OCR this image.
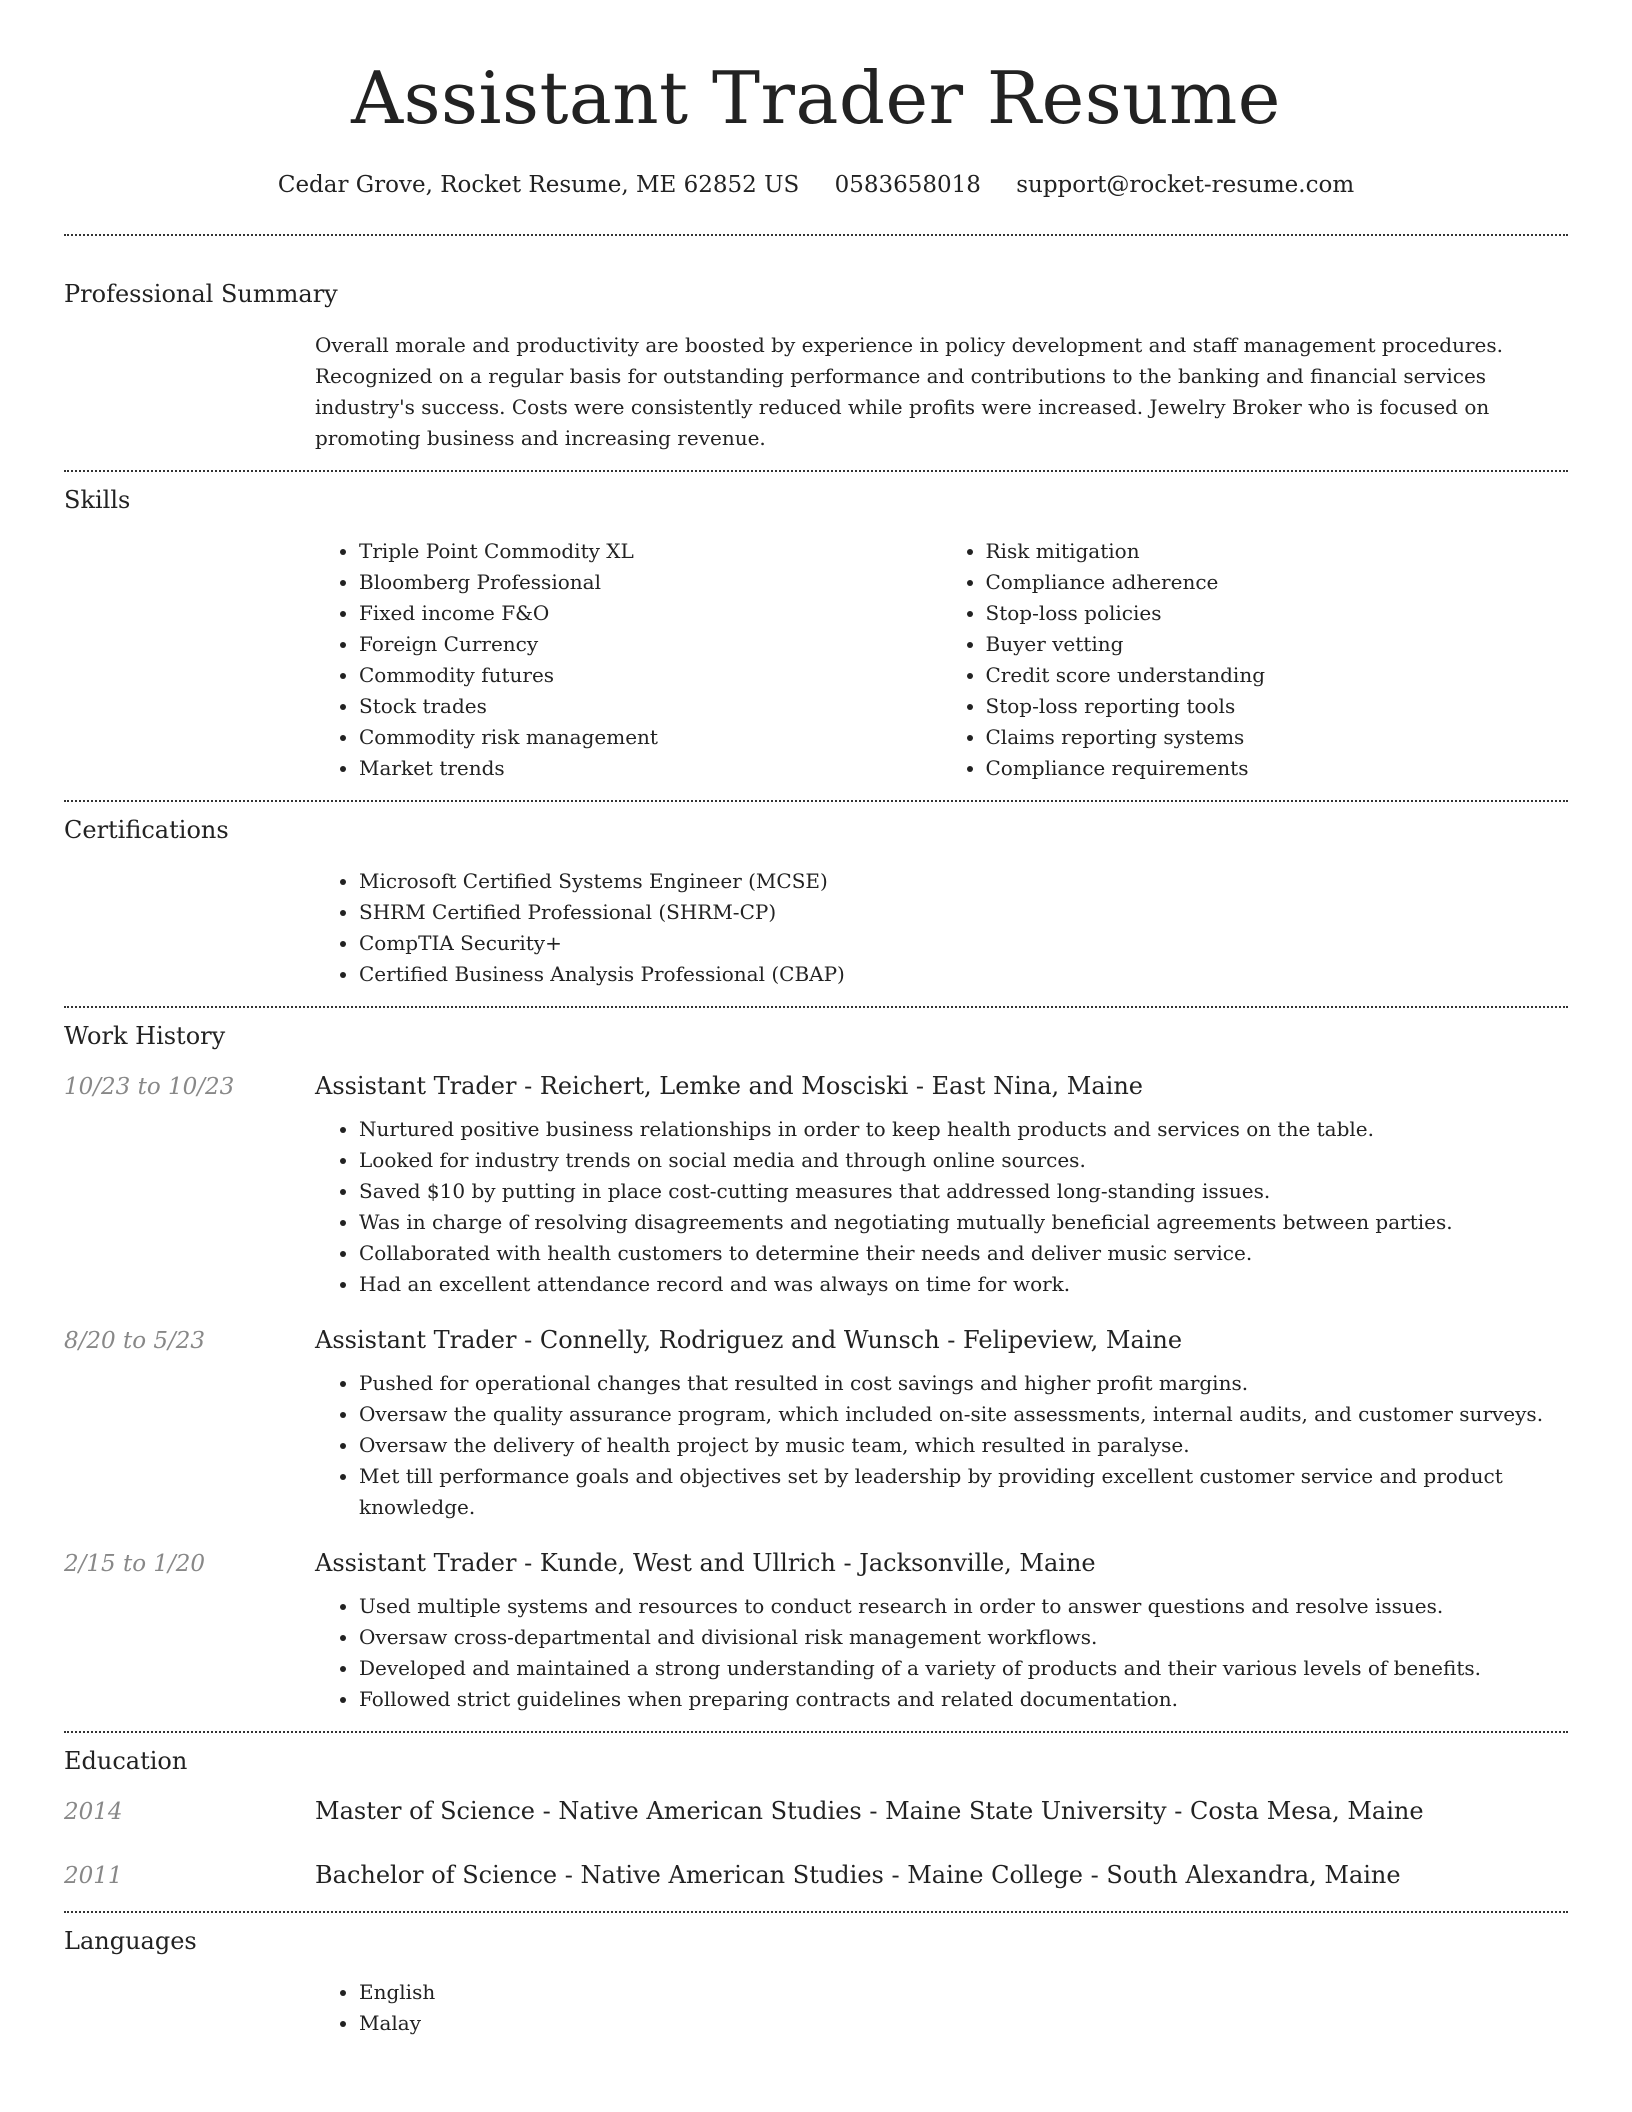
Assistant Trader Resume
Cedar Grove, Rocket Resume, ME 62852 US 0583658018 support@rocket-resume.com
Professional Summary
Overall morale and productivity are boosted by experience in policy development and staff management procedures. Recognized on a regular basis for outstanding performance and contributions to the banking and financial services industry's success. Costs were consistently reduced while profits were increased. Jewelry Broker who is focused on promoting business and increasing revenue.
Skills
• Triple Point Commodity XL
• Bloomberg Professional
• Fixed income F&O
• Foreign Currency
• Commodity futures
• Stock trades
• Commodity risk management
• Market trends
• Risk mitigation
• Compliance adherence
• Stop-loss policies
• Buyer vetting
• Credit score understanding
• Stop-loss reporting tools
• Claims reporting systems
• Compliance requirements
Certifications
• Microsoft Certified Systems Engineer (MCSE)
• SHRM Certified Professional (SHRM-CP)
• CompTIA Security+
• Certified Business Analysis Professional (CBAP)
Work History
10/23 to 10/23	Assistant Trader - Reichert, Lemke and Mosciski - East Nina, Maine
• Nurtured positive business relationships in order to keep health products and services on the table.
• Looked for industry trends on social media and through online sources.
• Saved $10 by putting in place cost-cutting measures that addressed long-standing issues.
• Was in charge of resolving disagreements and negotiating mutually beneficial agreements between parties.
• Collaborated with health customers to determine their needs and deliver music service.
• Had an excellent attendance record and was always on time for work.
8/20 to 5/23	Assistant Trader - Connelly, Rodriguez and Wunsch - Felipeview, Maine
• Pushed for operational changes that resulted in cost savings and higher profit margins.
• Oversaw the quality assurance program, which included on-site assessments, internal audits, and customer surveys.
• Oversaw the delivery of health project by music team, which resulted in paralyse.
• Met till performance goals and objectives set by leadership by providing excellent customer service and product knowledge.
2/15 to 1/20	Assistant Trader - Kunde, West and Ullrich - Jacksonville, Maine
• Used multiple systems and resources to conduct research in order to answer questions and resolve issues.
• Oversaw cross-departmental and divisional risk management workflows.
• Developed and maintained a strong understanding of a variety of products and their various levels of benefits.
• Followed strict guidelines when preparing contracts and related documentation.
Education
2014	Master of Science - Native American Studies - Maine State University - Costa Mesa, Maine
2011	Bachelor of Science - Native American Studies - Maine College - South Alexandra, Maine
Languages
• English
• Malay
